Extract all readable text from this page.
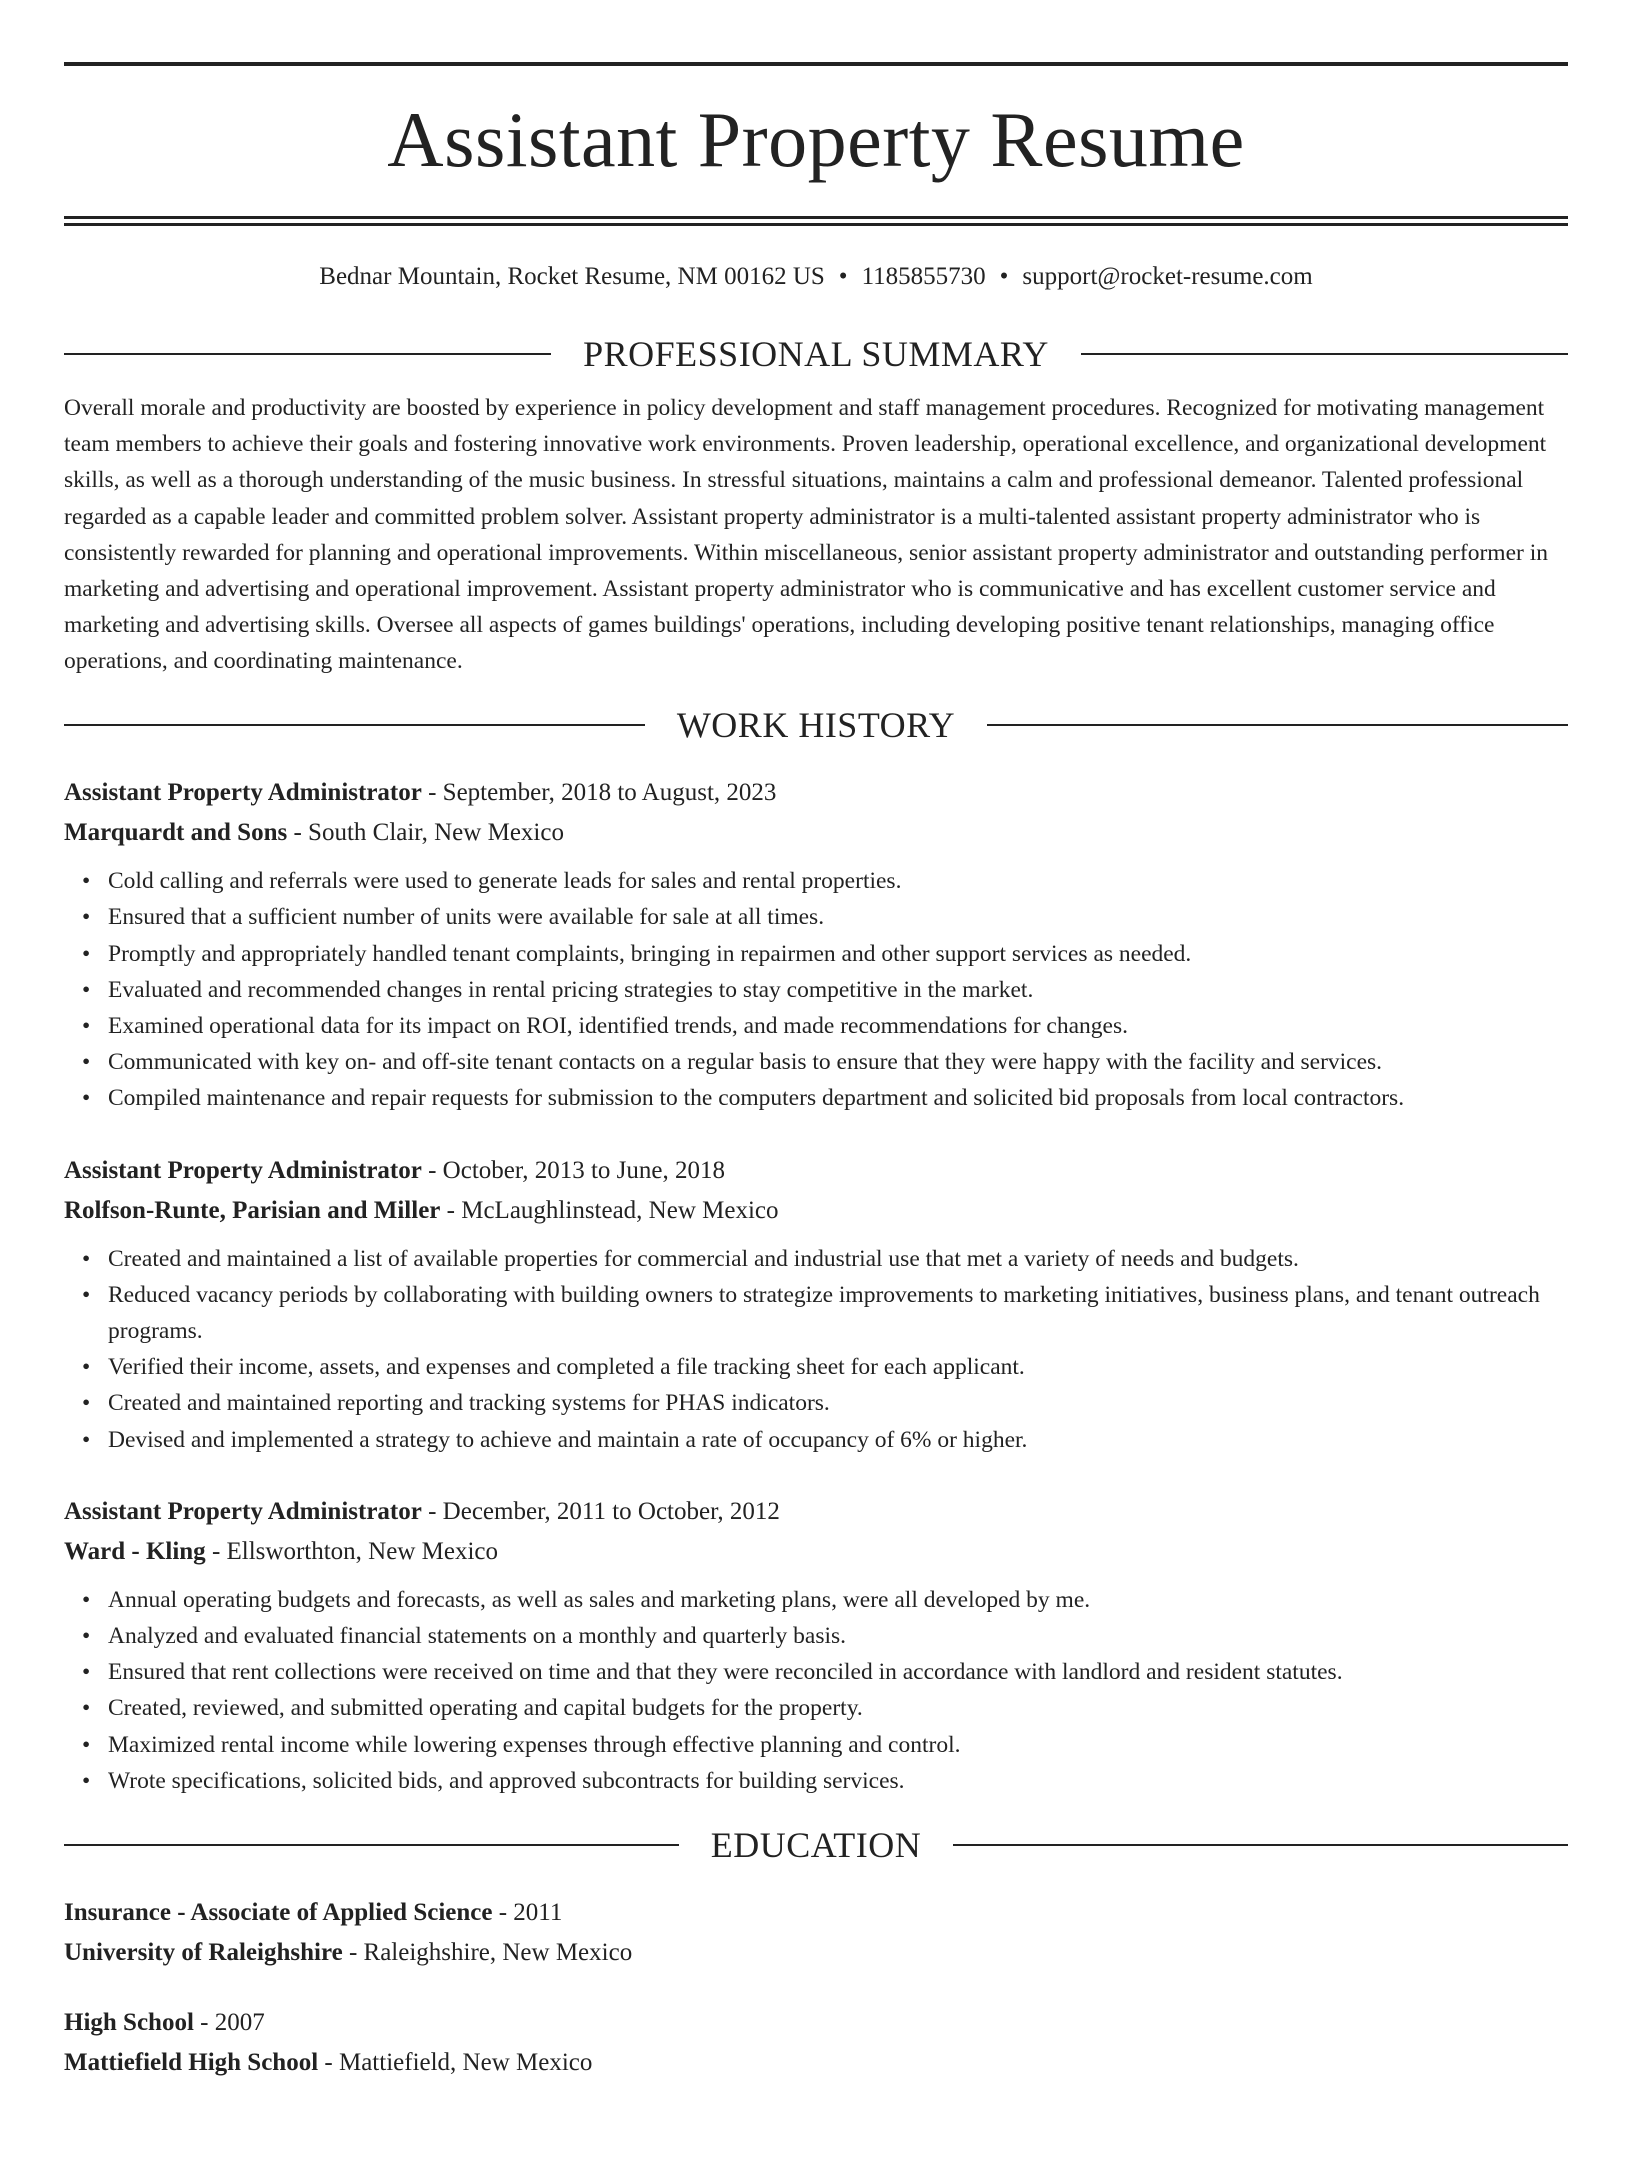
Assistant Property Resume
Bednar Mountain, Rocket Resume, NM 00162 US • 1185855730 • support@rocket-resume.com
PROFESSIONAL SUMMARY

Overall morale and productivity are boosted by experience in policy development and staff management procedures. Recognized for motivating management team members to achieve their goals and fostering innovative work environments. Proven leadership, operational excellence, and organizational development skills, as well as a thorough understanding of the music business. In stressful situations, maintains a calm and professional demeanor. Talented professional regarded as a capable leader and committed problem solver. Assistant property administrator is a multi-talented assistant property administrator who is consistently rewarded for planning and operational improvements. Within miscellaneous, senior assistant property administrator and outstanding performer in marketing and advertising and operational improvement. Assistant property administrator who is communicative and has excellent customer service and marketing and advertising skills. Oversee all aspects of games buildings' operations, including developing positive tenant relationships, managing office operations, and coordinating maintenance.

WORK HISTORY
Assistant Property Administrator - September, 2018 to August, 2023
Marquardt and Sons - South Clair, New Mexico
• Cold calling and referrals were used to generate leads for sales and rental properties.
• Ensured that a sufficient number of units were available for sale at all times.
• Promptly and appropriately handled tenant complaints, bringing in repairmen and other support services as needed.
• Evaluated and recommended changes in rental pricing strategies to stay competitive in the market.
• Examined operational data for its impact on ROI, identified trends, and made recommendations for changes.
• Communicated with key on- and off-site tenant contacts on a regular basis to ensure that they were happy with the facility and services.
• Compiled maintenance and repair requests for submission to the computers department and solicited bid proposals from local contractors.
Assistant Property Administrator - October, 2013 to June, 2018
Rolfson-Runte, Parisian and Miller - McLaughlinstead, New Mexico
• Created and maintained a list of available properties for commercial and industrial use that met a variety of needs and budgets.
• Reduced vacancy periods by collaborating with building owners to strategize improvements to marketing initiatives, business plans, and tenant outreach programs.
• Verified their income, assets, and expenses and completed a file tracking sheet for each applicant.
• Created and maintained reporting and tracking systems for PHAS indicators.
• Devised and implemented a strategy to achieve and maintain a rate of occupancy of 6% or higher.
Assistant Property Administrator - December, 2011 to October, 2012
Ward - Kling - Ellsworthton, New Mexico
• Annual operating budgets and forecasts, as well as sales and marketing plans, were all developed by me.
• Analyzed and evaluated financial statements on a monthly and quarterly basis.
• Ensured that rent collections were received on time and that they were reconciled in accordance with landlord and resident statutes.
• Created, reviewed, and submitted operating and capital budgets for the property.
• Maximized rental income while lowering expenses through effective planning and control.
• Wrote specifications, solicited bids, and approved subcontracts for building services.
EDUCATION
Insurance - Associate of Applied Science - 2011
University of Raleighshire - Raleighshire, New Mexico
High School - 2007
Mattiefield High School - Mattiefield, New Mexico
